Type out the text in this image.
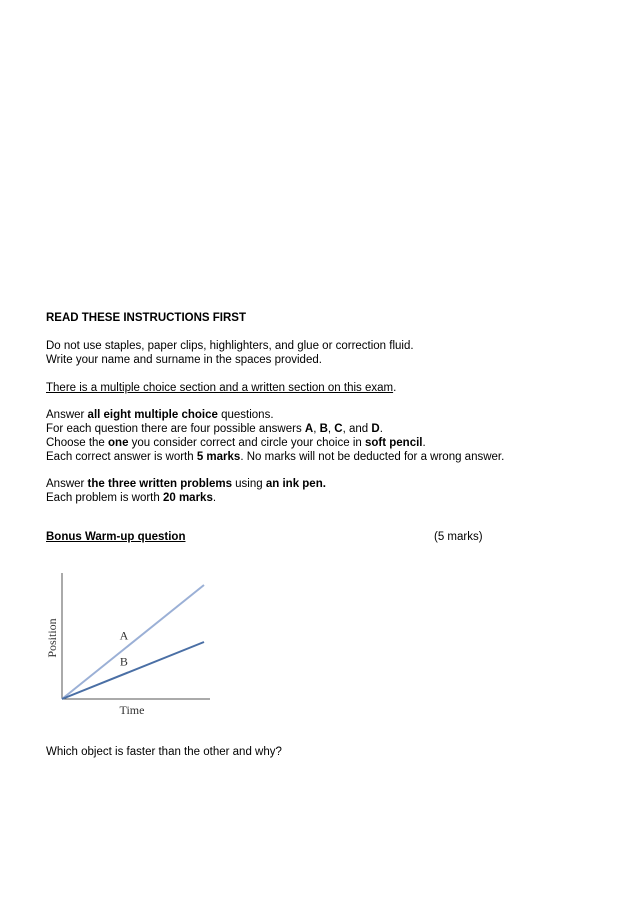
READ THESE INSTRUCTIONS FIRST
Do not use staples, paper clips, highlighters, and glue or correction fluid.
Write your name and surname in the spaces provided.
There is a multiple choice section and a written section on this exam.
Answer all eight multiple choice questions.
For each question there are four possible answers A, B, C, and D.
Choose the one you consider correct and circle your choice in soft pencil.
Each correct answer is worth 5 marks. No marks will not be deducted for a wrong answer.
Answer the three written problems using an ink pen.
Each problem is worth 20 marks.
Bonus Warm-up question	(5 marks)
A
B
Position
Time
Which object is faster than the other and why?
